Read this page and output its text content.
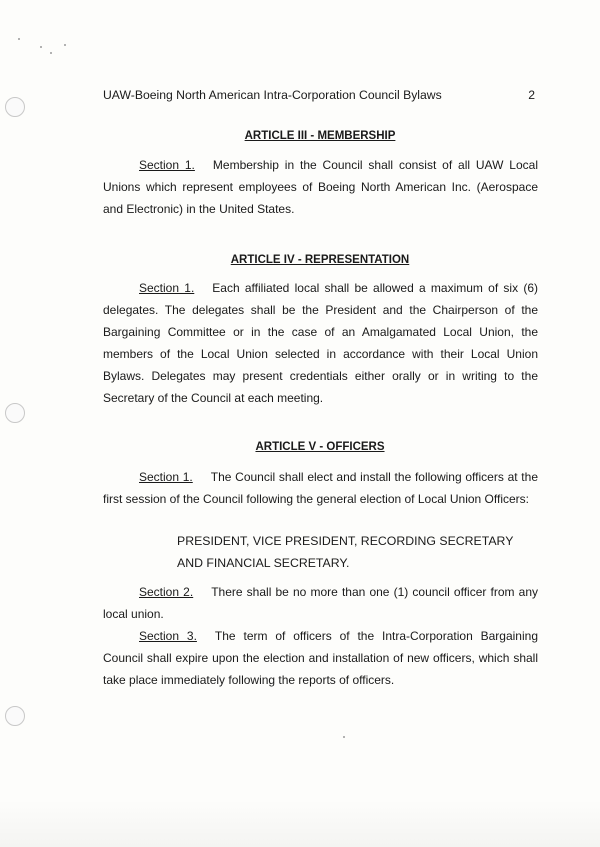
UAW-Boeing North American Intra-Corporation Council Bylaws	2
ARTICLE III - MEMBERSHIP
Section 1. Membership in the Council shall consist of all UAW Local Unions which represent employees of Boeing North American Inc. (Aerospace and Electronic) in the United States.
ARTICLE IV - REPRESENTATION
Section 1. Each affiliated local shall be allowed a maximum of six (6) delegates. The delegates shall be the President and the Chairperson of the Bargaining Committee or in the case of an Amalgamated Local Union, the members of the Local Union selected in accordance with their Local Union Bylaws. Delegates may present credentials either orally or in writing to the Secretary of the Council at each meeting.
ARTICLE V - OFFICERS
Section 1. The Council shall elect and install the following officers at the first session of the Council following the general election of Local Union Officers:
PRESIDENT, VICE PRESIDENT, RECORDING SECRETARY
AND FINANCIAL SECRETARY.
Section 2. There shall be no more than one (1) council officer from any local union.
Section 3. The term of officers of the Intra-Corporation Bargaining Council shall expire upon the election and installation of new officers, which shall take place immediately following the reports of officers.
